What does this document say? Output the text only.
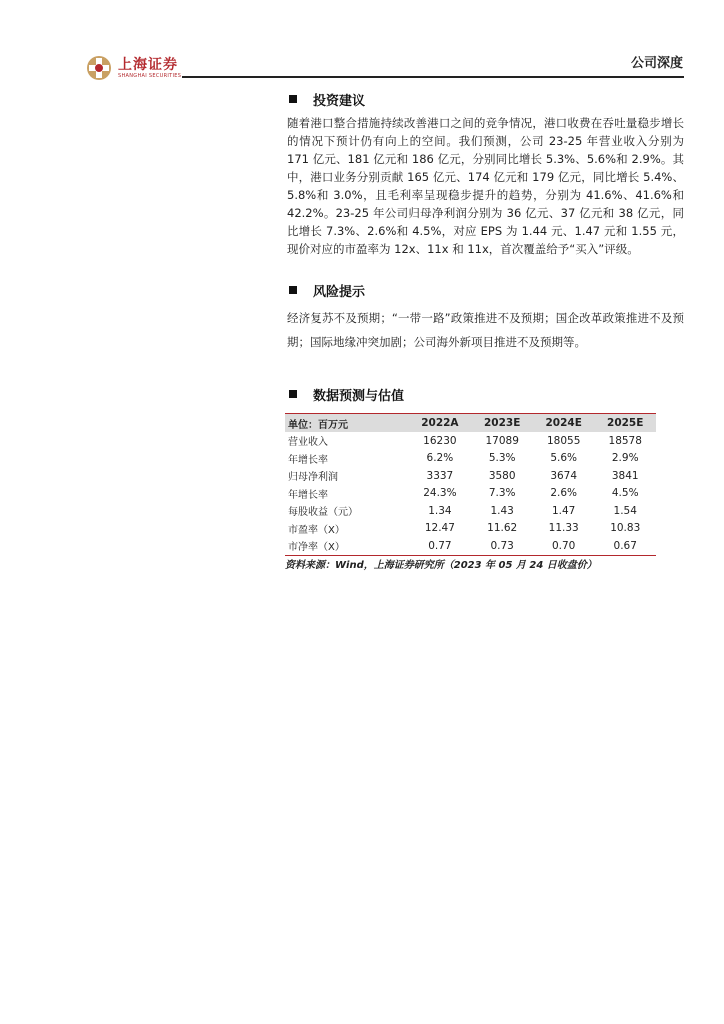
上海证券
SHANGHAI SECURITIES
公司深度
投资建议

随着港口整合措施持续改善港口之间的竞争情况，港口收费在吞吐量稳步增长的情况下预计仍有向上的空间。我们预测，公司 23-25 年营业收入分别为 171 亿元、181 亿元和 186 亿元，分别同比增长 5.3%、5.6%和 2.9%。其中，港口业务分别贡献 165 亿元、174 亿元和 179 亿元，同比增长 5.4%、5.8%和 3.0%，且毛利率呈现稳步提升的趋势，分别为 41.6%、41.6%和 42.2%。23-25 年公司归母净利润分别为 36 亿元、37 亿元和 38 亿元，同比增长 7.3%、2.6%和 4.5%，对应 EPS 为 1.44 元、1.47 元和 1.55 元，现价对应的市盈率为 12x、11x 和 11x，首次覆盖给予“买入”评级。

风险提示

经济复苏不及预期；“一带一路”政策推进不及预期；国企改革政策推进不及预期；国际地缘冲突加剧；公司海外新项目推进不及预期等。

数据预测与估值
单位：百万元	2022A	2023E	2024E	2025E
营业收入	16230	17089	18055	18578
年增长率	6.2%	5.3%	5.6%	2.9%
归母净利润	3337	3580	3674	3841
年增长率	24.3%	7.3%	2.6%	4.5%
每股收益（元）	1.34	1.43	1.47	1.54
市盈率（X）	12.47	11.62	11.33	10.83
市净率（X）	0.77	0.73	0.70	0.67
资料来源：Wind，上海证券研究所（2023 年 05 月 24 日收盘价）
